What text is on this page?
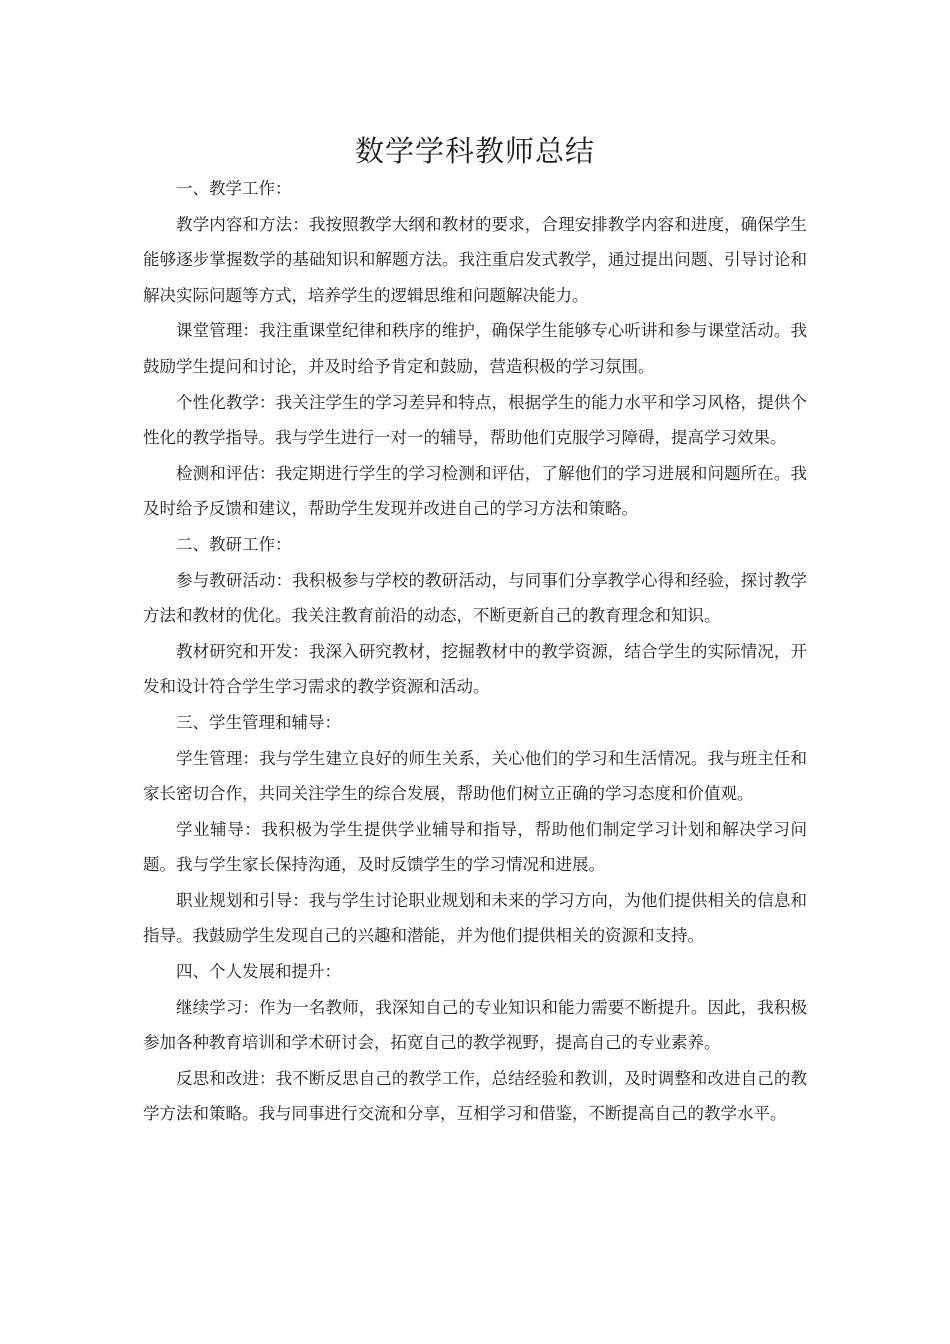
数学学科教师总结

一、教学工作：

教学内容和方法：我按照教学大纲和教材的要求，合理安排教学内容和进度，确保学生能够逐步掌握数学的基础知识和解题方法。我注重启发式教学，通过提出问题、引导讨论和解决实际问题等方式，培养学生的逻辑思维和问题解决能力。

课堂管理：我注重课堂纪律和秩序的维护，确保学生能够专心听讲和参与课堂活动。我鼓励学生提问和讨论，并及时给予肯定和鼓励，营造积极的学习氛围。

个性化教学：我关注学生的学习差异和特点，根据学生的能力水平和学习风格，提供个性化的教学指导。我与学生进行一对一的辅导，帮助他们克服学习障碍，提高学习效果。

检测和评估：我定期进行学生的学习检测和评估，了解他们的学习进展和问题所在。我及时给予反馈和建议，帮助学生发现并改进自己的学习方法和策略。

二、教研工作：

参与教研活动：我积极参与学校的教研活动，与同事们分享教学心得和经验，探讨教学方法和教材的优化。我关注教育前沿的动态，不断更新自己的教育理念和知识。

教材研究和开发：我深入研究教材，挖掘教材中的教学资源，结合学生的实际情况，开发和设计符合学生学习需求的教学资源和活动。

三、学生管理和辅导：

学生管理：我与学生建立良好的师生关系，关心他们的学习和生活情况。我与班主任和家长密切合作，共同关注学生的综合发展，帮助他们树立正确的学习态度和价值观。

学业辅导：我积极为学生提供学业辅导和指导，帮助他们制定学习计划和解决学习问题。我与学生家长保持沟通，及时反馈学生的学习情况和进展。

职业规划和引导：我与学生讨论职业规划和未来的学习方向，为他们提供相关的信息和指导。我鼓励学生发现自己的兴趣和潜能，并为他们提供相关的资源和支持。

四、个人发展和提升：

继续学习：作为一名教师，我深知自己的专业知识和能力需要不断提升。因此，我积极参加各种教育培训和学术研讨会，拓宽自己的教学视野，提高自己的专业素养。

反思和改进：我不断反思自己的教学工作，总结经验和教训，及时调整和改进自己的教学方法和策略。我与同事进行交流和分享，互相学习和借鉴，不断提高自己的教学水平。
